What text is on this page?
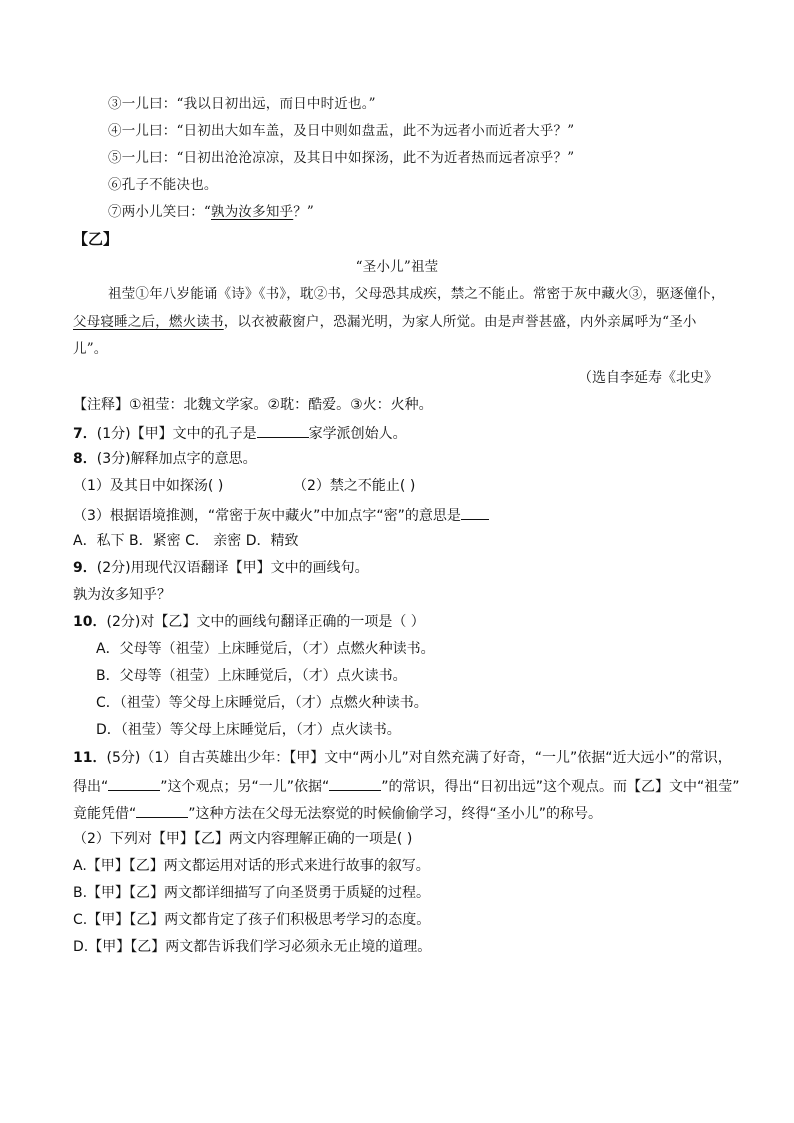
③一儿曰：“我以日初出远，而日中时近也。”
④一儿曰：“日初出大如车盖，及日中则如盘盂，此不为远者小而近者大乎？”
⑤一儿曰：“日初出沧沧凉凉，及其日中如探汤，此不为近者热而远者凉乎？”
⑥孔子不能决也。
⑦两小儿笑曰：“孰为汝多知乎？”
【乙】
“圣小儿”祖莹
祖莹①年八岁能诵《诗》《书》，耽②书，父母恐其成疾，禁之不能止。常密于灰中藏火③，驱逐僮仆，
父母寝睡之后，燃火读书，以衣被蔽窗户，恐漏光明，为家人所觉。由是声誉甚盛，内外亲属呼为“圣小
儿”。
（选自李延寿《北史》
【注释】①祖莹：北魏文学家。②耽：酷爱。③火：火种。
7．(1分)【甲】文中的孔子是	家学派创始人。
8．(3分)解释加点字的意思。
（1）及其日中如探汤( )	（2）禁之不能止( )
（3）根据语境推测，“常密于灰中藏火”中加点字“密”的意思是
A．私下 B．紧密 C． 亲密 D．精致
9．(2分)用现代汉语翻译【甲】文中的画线句。
孰为汝多知乎？
10．(2分)对【乙】文中的画线句翻译正确的一项是（ ）
A．父母等（祖莹）上床睡觉后，（才）点燃火种读书。
B．父母等（祖莹）上床睡觉后，（才）点火读书。
C．（祖莹）等父母上床睡觉后，（才）点燃火种读书。
D．（祖莹）等父母上床睡觉后，（才）点火读书。
11．(5分)（1）自古英雄出少年：【甲】文中“两小儿”对自然充满了好奇，“一儿”依据“近大远小”的常识，
得出“	”这个观点；另“一儿”依据“	”的常识，得出“日初出远”这个观点。而【乙】文中“祖莹”
竟能凭借“	”这种方法在父母无法察觉的时候偷偷学习，终得“圣小儿”的称号。
（2）下列对【甲】【乙】两文内容理解正确的一项是( )
A.【甲】【乙】两文都运用对话的形式来进行故事的叙写。
B.【甲】【乙】两文都详细描写了向圣贤勇于质疑的过程。
C.【甲】【乙】两文都肯定了孩子们积极思考学习的态度。
D.【甲】【乙】两文都告诉我们学习必须永无止境的道理。
